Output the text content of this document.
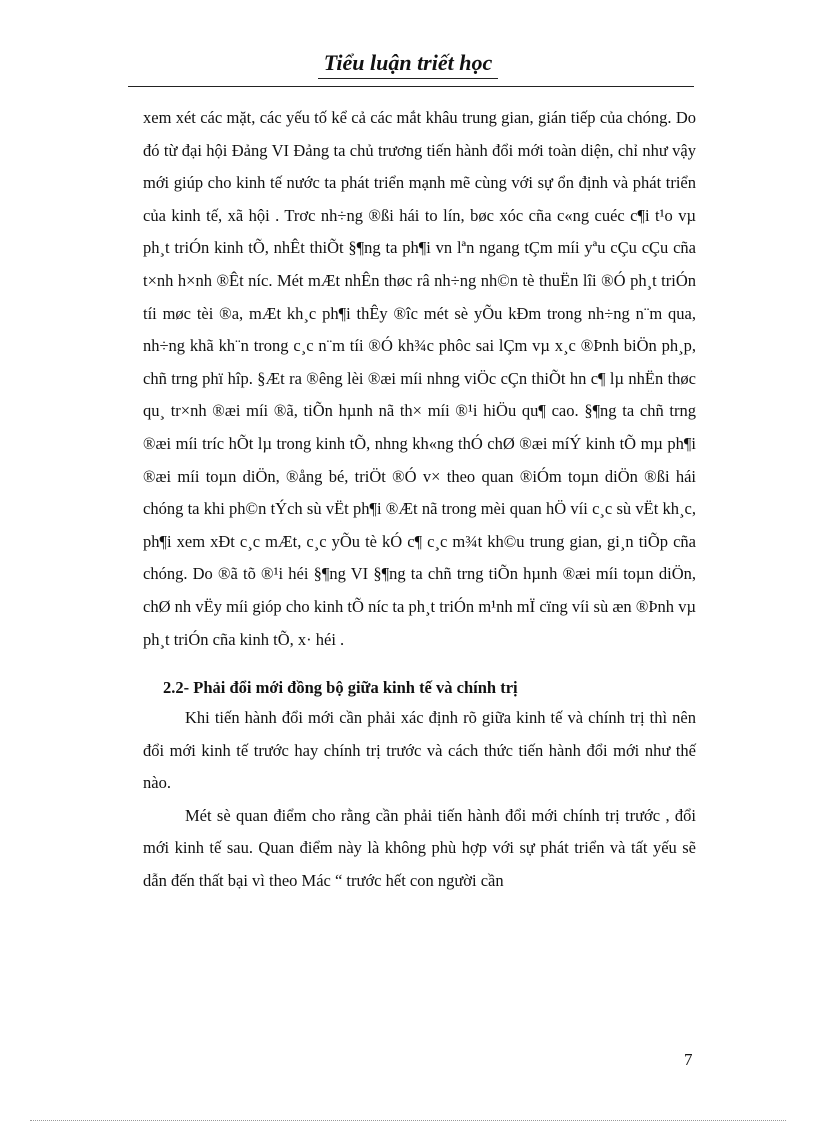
Tiểu luận triết học

xem xét các mặt, các yếu tố kể cả các mắt khâu trung gian, gián tiếp của chóng. Do đó từ đại hội Đảng VI Đảng ta chủ trương tiến hành đổi mới toàn diện, chỉ như vậy mới giúp cho kinh tế nước ta phát triển mạnh mẽ cùng với sự ổn định và phát triển của kinh tế, xã hội . Trơc nh÷ng ®ßi hái to lín, bøc xóc cña c«ng cuéc c¶i t¹o vµ ph¸t triÓn kinh tÕ, nhÊt thiÕt §¶ng ta ph¶i vn lªn ngang tÇm míi yªu cÇu cÇu cña t×nh h×nh ®Êt níc. Mét mÆt nhÊn thøc râ nh÷ng nh©n tè thuËn lîi ®Ó ph¸t triÓn tíi møc tèi ®a, mÆt kh¸c ph¶i thÊy ®îc mét sè yÕu kÐm trong nh÷ng n¨m qua, nh÷ng khã kh¨n trong c¸c n¨m tíi ®Ó kh¾c phôc sai lÇm vµ x¸c ®Þnh biÖn ph¸p, chñ trng phï hîp. §Æt ra ®êng lèi ®æi míi nhng viÖc cÇn thiÕt hn c¶ lµ nhËn thøc qu¸ tr×nh ®æi míi ®ã, tiÕn hµnh nã th× míi ®¹i hiÖu qu¶ cao. §¶ng ta chñ trng ®æi míi tríc hÕt lµ trong kinh tÕ, nhng kh«ng thÓ chØ ®æi míÝ kinh tÕ mµ ph¶i ®æi míi toµn diÖn, ®ång bé, triÖt ®Ó v× theo quan ®iÓm toµn diÖn ®ßi hái chóng ta khi ph©n tÝch sù vËt ph¶i ®Æt nã trong mèi quan hÖ víi c¸c sù vËt kh¸c, ph¶i xem xÐt c¸c mÆt, c¸c yÕu tè kÓ c¶ c¸c m¾t kh©u trung gian, gi¸n tiÕp cña chóng. Do ®ã tõ ®¹i héi §¶ng VI §¶ng ta chñ trng tiÕn hµnh ®æi míi toµn diÖn, chØ nh vËy míi gióp cho kinh tÕ níc ta ph¸t triÓn m¹nh mÏ cïng víi sù æn ®Þnh vµ ph¸t triÓn cña kinh tÕ, x· héi .

2.2- Phải đổi mới đồng bộ giữa kinh tế và chính trị

Khi tiến hành đổi mới cần phải xác định rõ giữa kinh tế và chính trị thì nên đổi mới kinh tế trước hay chính trị trước và cách thức tiến hành đổi mới như thế nào.

Mét sè quan điểm cho rằng cần phải tiến hành đổi mới chính trị trước , đổi mới kinh tế sau. Quan điểm này là không phù hợp với sự phát triển và tất yếu sẽ dẫn đến thất bại vì theo Mác “ trước hết con người cần

7
